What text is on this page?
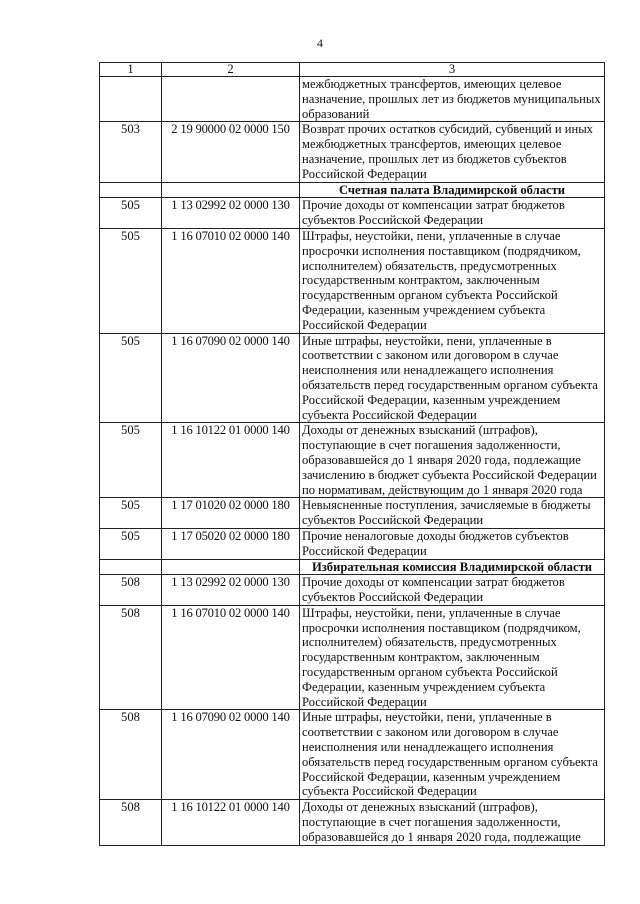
4
1	2	3
		межбюджетных трансфертов, имеющих целевое назначение, прошлых лет из бюджетов муниципальных образований
503	2 19 90000 02 0000 150	Возврат прочих остатков субсидий, субвенций и иных межбюджетных трансфертов, имеющих целевое назначение, прошлых лет из бюджетов субъектов Российской Федерации
		Счетная палата Владимирской области
505	1 13 02992 02 0000 130	Прочие доходы от компенсации затрат бюджетов субъектов Российской Федерации
505	1 16 07010 02 0000 140	Штрафы, неустойки, пени, уплаченные в случае просрочки исполнения поставщиком (подрядчиком, исполнителем) обязательств, предусмотренных государственным контрактом, заключенным государственным органом субъекта Российской Федерации, казенным учреждением субъекта Российской Федерации
505	1 16 07090 02 0000 140	Иные штрафы, неустойки, пени, уплаченные в соответствии с законом или договором в случае неисполнения или ненадлежащего исполнения обязательств перед государственным органом субъекта Российской Федерации, казенным учреждением субъекта Российской Федерации
505	1 16 10122 01 0000 140	Доходы от денежных взысканий (штрафов), поступающие в счет погашения задолженности, образовавшейся до 1 января 2020 года, подлежащие зачислению в бюджет субъекта Российской Федерации по нормативам, действующим до 1 января 2020 года
505	1 17 01020 02 0000 180	Невыясненные поступления, зачисляемые в бюджеты субъектов Российской Федерации
505	1 17 05020 02 0000 180	Прочие неналоговые доходы бюджетов субъектов Российской Федерации
		Избирательная комиссия Владимирской области
508	1 13 02992 02 0000 130	Прочие доходы от компенсации затрат бюджетов субъектов Российской Федерации
508	1 16 07010 02 0000 140	Штрафы, неустойки, пени, уплаченные в случае просрочки исполнения поставщиком (подрядчиком, исполнителем) обязательств, предусмотренных государственным контрактом, заключенным государственным органом субъекта Российской Федерации, казенным учреждением субъекта Российской Федерации
508	1 16 07090 02 0000 140	Иные штрафы, неустойки, пени, уплаченные в соответствии с законом или договором в случае неисполнения или ненадлежащего исполнения обязательств перед государственным органом субъекта Российской Федерации, казенным учреждением субъекта Российской Федерации
508	1 16 10122 01 0000 140	Доходы от денежных взысканий (штрафов), поступающие в счет погашения задолженности, образовавшейся до 1 января 2020 года, подлежащие
